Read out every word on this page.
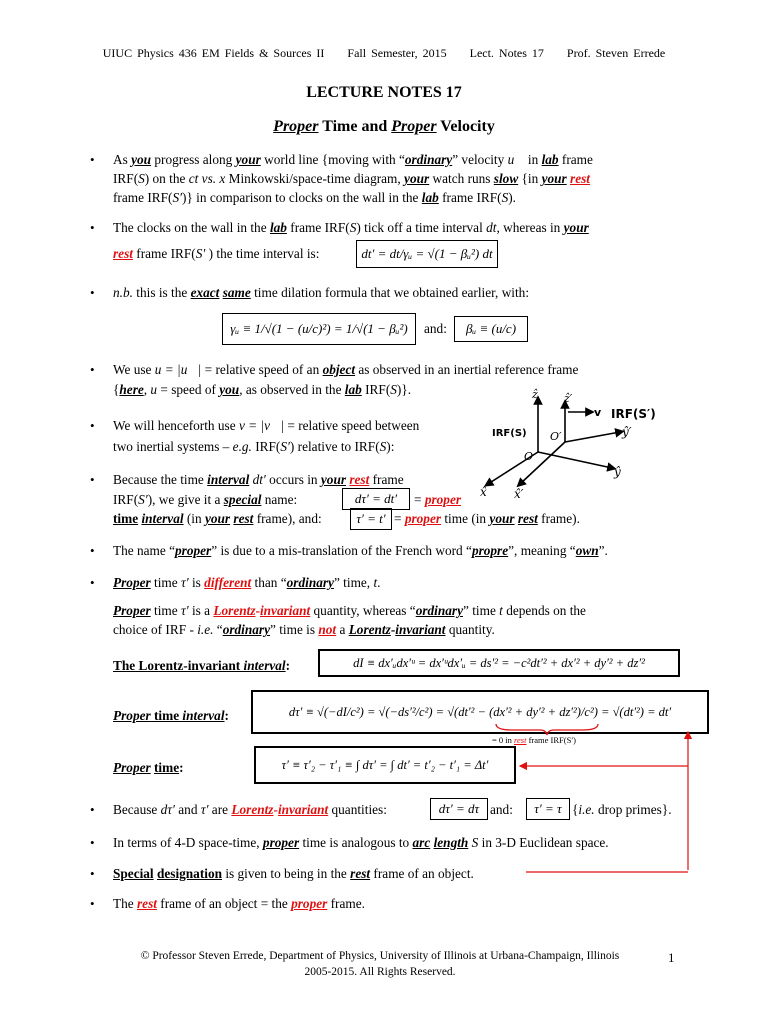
UIUC Physics 436 EM Fields & Sources II Fall Semester, 2015 Lect. Notes 17 Prof. Steven Errede
LECTURE NOTES 17
Proper Time and Proper Velocity
• As you progress along your world line {moving with “ordinary” velocity u⃗ in lab frame
IRF(S) on the ct vs. x Minkowski/space-time diagram, your watch runs slow {in your rest
frame IRF(S′)} in comparison to clocks on the wall in the lab frame IRF(S).
• The clocks on the wall in the lab frame IRF(S) tick off a time interval dt, whereas in your
rest frame IRF(S′ ) the time interval is:	dt′ = dt/γᵤ = √(1 − βᵤ²) dt
• n.b. this is the exact same time dilation formula that we obtained earlier, with:
γᵤ ≡ 1/√(1 − (u/c)²) = 1/√(1 − βᵤ²)	and:	βᵤ ≡ (u/c)
• We use u = |u⃗| = relative speed of an object as observed in an inertial reference frame
{here, u = speed of you, as observed in the lab IRF(S)}.
• We will henceforth use v = |v⃗| = relative speed between
two inertial systems – e.g. IRF(S′) relative to IRF(S):
v IRF(S′)
IRF(S)
O
O′
ẑ ẑ′
ŷ′
ŷ
x̂ x̂′
• Because the time interval dt′ occurs in your rest frame
IRF(S′), we give it a special name:	dτ′ = dt′	= proper
time interval (in your rest frame), and:	τ′ = t′ = proper time (in your rest frame).
• The name “proper” is due to a mis-translation of the French word “propre”, meaning “own”.
• Proper time τ′ is different than “ordinary” time, t.
Proper time τ′ is a Lorentz-invariant quantity, whereas “ordinary” time t depends on the
choice of IRF - i.e. “ordinary” time is not a Lorentz-invariant quantity.
The Lorentz-invariant interval:	dI ≡ dx′ᵤdx′ᵘ = dx′ᵘdx′ᵤ = ds′² = −c²dt′² + dx′² + dy′² + dz′²
Proper time interval:	dτ′ ≡ √(−dI/c²) = √(−ds′²/c²) = √(dt′² − (dx′² + dy′² + dz′²)/c²) = √(dt′²) = dt′
= 0 in rest frame IRF(S′)
Proper time:	τ′ ≡ τ′₂ − τ′₁ ≡ ∫ dτ′ = ∫ dt′ = t′₂ − t′₁ = Δt′
• Because dτ′ and τ′ are Lorentz-invariant quantities:	dτ′ = dτ and:	τ′ = τ {i.e. drop primes}.
• In terms of 4-D space-time, proper time is analogous to arc length S in 3-D Euclidean space.
• Special designation is given to being in the rest frame of an object.
• The rest frame of an object = the proper frame.
© Professor Steven Errede, Department of Physics, University of Illinois at Urbana-Champaign, Illinois
2005-2015. All Rights Reserved.
1
